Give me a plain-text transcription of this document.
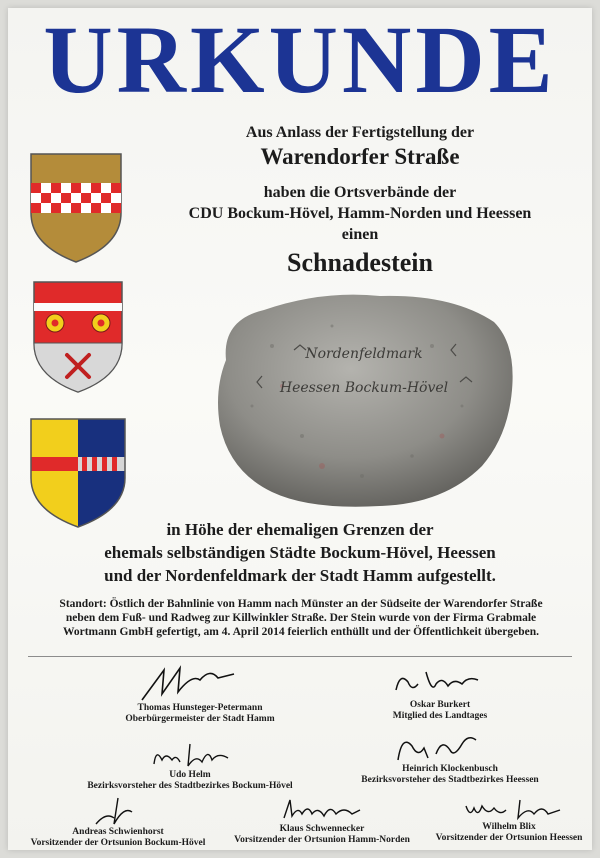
URKUNDE
Aus Anlass der Fertigstellung der
Warendorfer Straße
haben die Ortsverbände der
CDU Bockum-Hövel, Hamm-Norden und Heessen
einen
Schnadestein
Nordenfeldmark
Heessen Bockum-Hövel
in Höhe der ehemaligen Grenzen der
ehemals selbständigen Städte Bockum-Hövel, Heessen
und der Nordenfeldmark der Stadt Hamm aufgestellt.
Standort: Östlich der Bahnlinie von Hamm nach Münster an der Südseite der Warendorfer Straße
neben dem Fuß- und Radweg zur Killwinkler Straße. Der Stein wurde von der Firma Grabmale
Wortmann GmbH gefertigt, am 4. April 2014 feierlich enthüllt und der Öffentlichkeit übergeben.
Thomas Hunsteger-Petermann
Oberbürgermeister der Stadt Hamm
Oskar Burkert
Mitglied des Landtages
Udo Helm
Bezirksvorsteher des Stadtbezirkes Bockum-Hövel
Heinrich Klockenbusch
Bezirksvorsteher des Stadtbezirkes Heessen
Andreas Schwienhorst
Vorsitzender der Ortsunion Bockum-Hövel
Klaus Schwennecker
Vorsitzender der Ortsunion Hamm-Norden
Wilhelm Blix
Vorsitzender der Ortsunion Heessen
